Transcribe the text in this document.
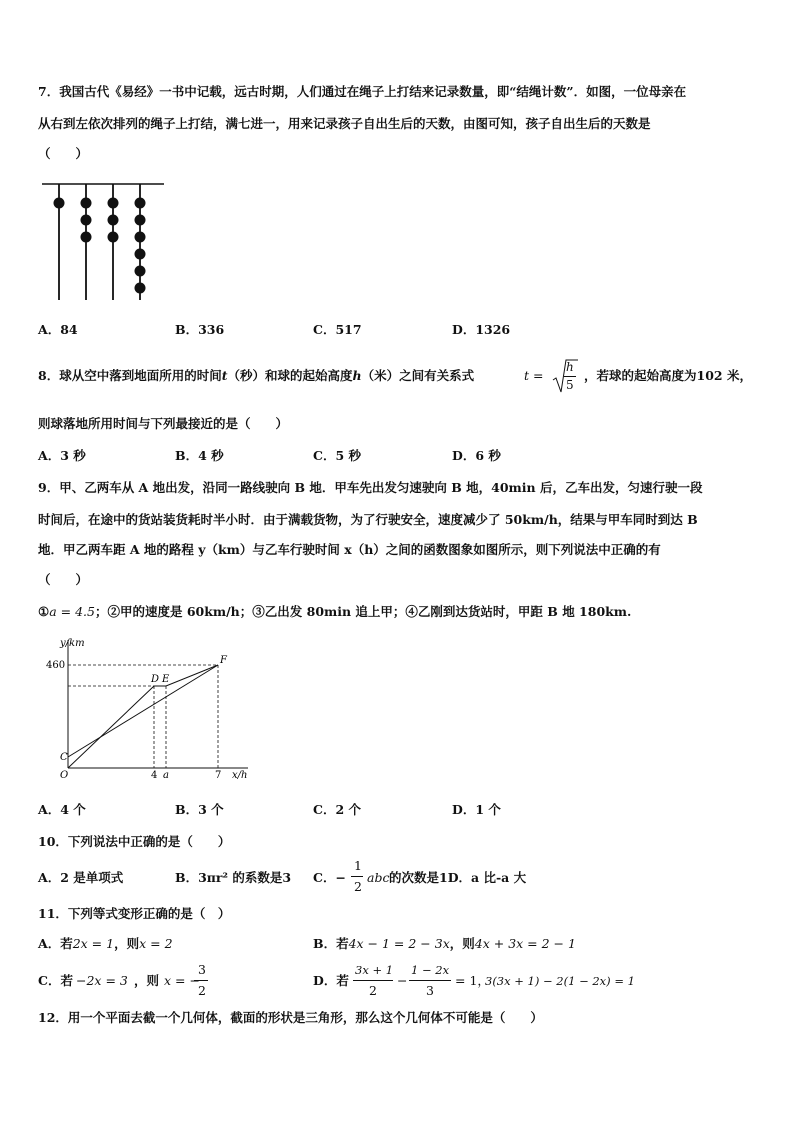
7．我国古代《易经》一书中记载，远古时期，人们通过在绳子上打结来记录数量，即“结绳计数”．如图，一位母亲在
从右到左依次排列的绳子上打结，满七进一，用来记录孩子自出生后的天数，由图可知，孩子自出生后的天数是
（　　）
A．84	B．336	C．517	D．1326
8．球从空中落到地面所用的时间t（秒）和球的起始高度h（米）之间有关系式	t =
h
5
，若球的起始高度为102 米，
则球落地所用时间与下列最接近的是（　　）
A．3 秒	B．4 秒	C．5 秒	D．6 秒
9．甲、乙两车从 A 地出发，沿同一路线驶向 B 地．甲车先出发匀速驶向 B 地，40min 后，乙车出发，匀速行驶一段
时间后，在途中的货站装货耗时半小时．由于满载货物，为了行驶安全，速度减少了 50km/h，结果与甲车同时到达 B
地．甲乙两车距 A 地的路程 y（km）与乙车行驶时间 x（h）之间的函数图象如图所示，则下列说法中正确的有
（　　）
①a = 4.5；②甲的速度是 60km/h；③乙出发 80min 追上甲；④乙刚到达货站时，甲距 B 地 180km.
y/km
460
C
O
D E
F
4 a	7 x/h
A．4 个	B．3 个	C．2 个	D．1 个
10．下列说法中正确的是（　　）
A．2 是单项式	B．3πr² 的系数是3 C．−
1
2
abc 的次数是1D．a 比-a 大
11．下列等式变形正确的是（　）
A．若2x = 1，则x = 2	B．若4x − 1 = 2 − 3x，则4x + 3x = 2 − 1
C．若 −2x = 3 ，则 x = −
3
2
D．若
3x + 1
2
−
1 − 2x
3
= 1，
3(3x + 1) − 2(1 − 2x) = 1
12．用一个平面去截一个几何体，截面的形状是三角形，那么这个几何体不可能是（　　）
